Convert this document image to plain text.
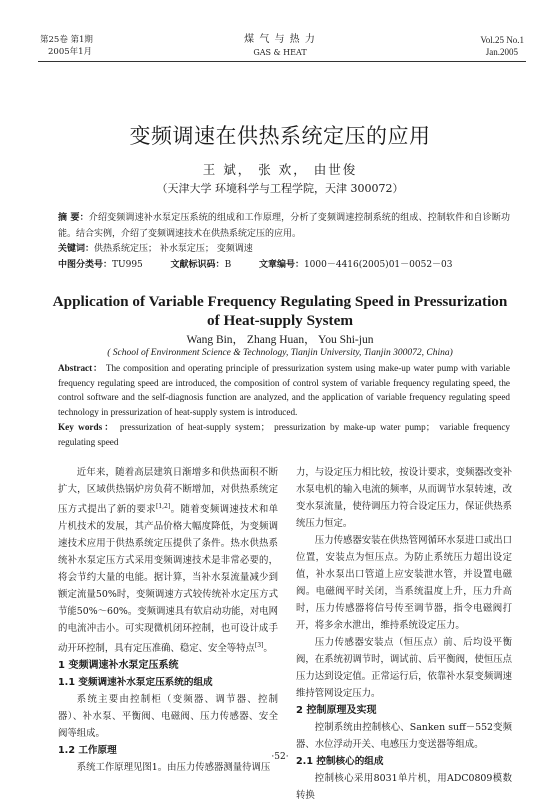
第25卷 第1期
2005年1月
煤 气 与 热 力
GAS & HEAT
Vol.25 No.1
Jan.2005
变频调速在供热系统定压的应用
王 斌， 张 欢， 由世俊
（天津大学 环境科学与工程学院，天津 300072）
摘 要：介绍变频调速补水泵定压系统的组成和工作原理，分析了变频调速控制系统的组成、控制软件和自诊断功能。结合实例，介绍了变频调速技术在供热系统定压的应用。
关键词：供热系统定压； 补水泵定压； 变频调速
中图分类号：TU995	文献标识码：B	文章编号：1000－4416(2005)01－0052－03
Application of Variable Frequency Regulating Speed in Pressurization
of Heat-supply System
Wang Bin， Zhang Huan， You Shi-jun
( School of Environment Science & Technology, Tianjin University, Tianjin 300072, China)
Abstract： The composition and operating principle of pressurization system using make-up water pump with variable frequency regulating speed are introduced, the composition of control system of variable frequency regulating speed, the control software and the self-diagnosis function are analyzed, and the application of variable frequency regulating speed technology in pressurization of heat-supply system is introduced.
Key words： pressurization of heat-supply system； pressurization by make-up water pump； variable frequency regulating speed

近年来，随着高层建筑日渐增多和供热面积不断扩大，区域供热锅炉房负荷不断增加，对供热系统定压方式提出了新的要求[1,2]。随着变频调速技术和单片机技术的发展，其产品价格大幅度降低，为变频调速技术应用于供热系统定压提供了条件。热水供热系统补水泵定压方式采用变频调速技术是非常必要的，将会节约大量的电能。据计算，当补水泵流量减少到额定流量50%时，变频调速方式较传统补水定压方式节能50%～60%。变频调速具有软启动功能，对电网的电流冲击小。可实现微机闭环控制，也可设计成手动开环控制，具有定压准确、稳定、安全等特点[3]。

1 变频调速补水泵定压系统
1.1 变频调速补水泵定压系统的组成

系统主要由控制柜（变频器、调节器、控制器）、补水泵、平衡阀、电磁阀、压力传感器、安全阀等组成。

1.2 工作原理

系统工作原理见图1。由压力传感器测量待调压

力，与设定压力相比较，按设计要求，变频器改变补水泵电机的输入电流的频率，从而调节水泵转速，改变水泵流量，使待调压力符合设定压力，保证供热系统压力恒定。

压力传感器安装在供热管网循环水泵进口或出口位置，安装点为恒压点。为防止系统压力超出设定值，补水泵出口管道上应安装泄水管，并设置电磁阀。电磁阀平时关闭，当系统温度上升，压力升高时，压力传感器将信号传至调节器，指令电磁阀打开，将多余水泄出，维持系统设定压力。

压力传感器安装点（恒压点）前、后均设平衡阀，在系统初调节时，调试前、后平衡阀，使恒压点压力达到设定值。正常运行后，依靠补水泵变频调速维持管网设定压力。

2 控制原理及实现

控制系统由控制核心、Sanken suff－552变频器、水位浮动开关、电感压力变送器等组成。

2.1 控制核心的组成

控制核心采用8031单片机，用ADC0809模数转换

·52·
